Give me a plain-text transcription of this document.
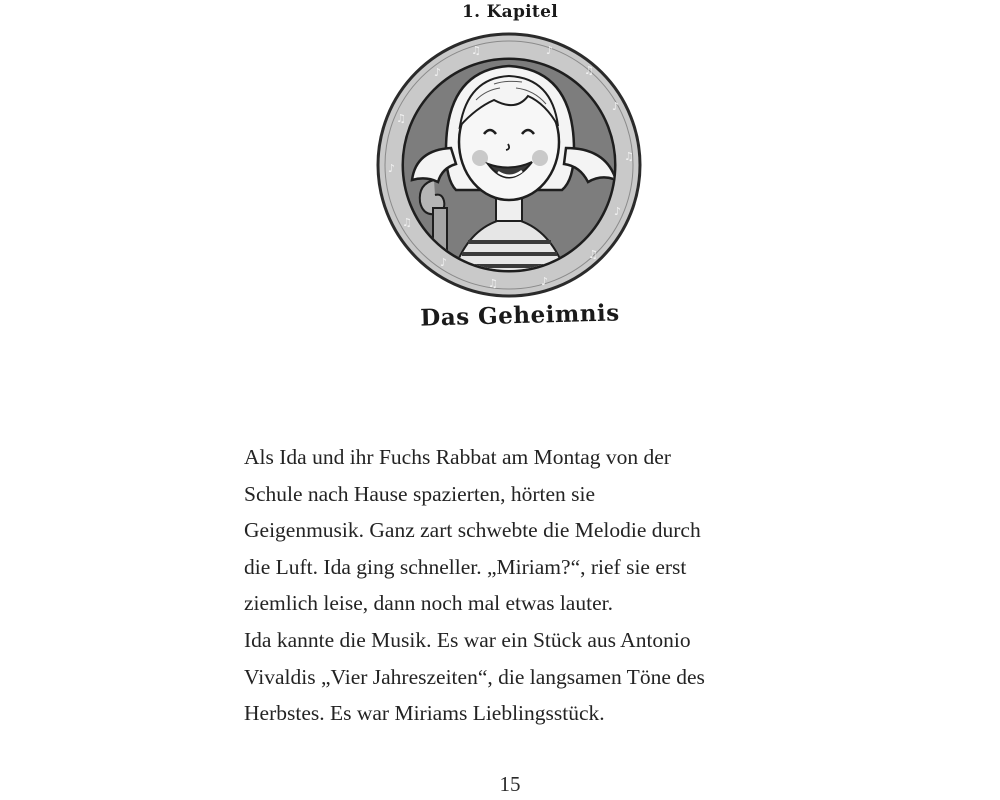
1. Kapitel
♪
♫	♪
♫
♪
♫
♪
♫
♪
♫
♪
♫
♪
♫
Das Geheimnis
Als Ida und ihr Fuchs Rabbat am Montag von der
Schule nach Hause spazierten, hörten sie
Geigenmusik. Ganz zart schwebte die Melodie durch
die Luft. Ida ging schneller. „Miriam?“, rief sie erst
ziemlich leise, dann noch mal etwas lauter.
Ida kannte die Musik. Es war ein Stück aus Antonio
Vivaldis „Vier Jahreszeiten“, die langsamen Töne des
Herbstes. Es war Miriams Lieblingsstück.
15
